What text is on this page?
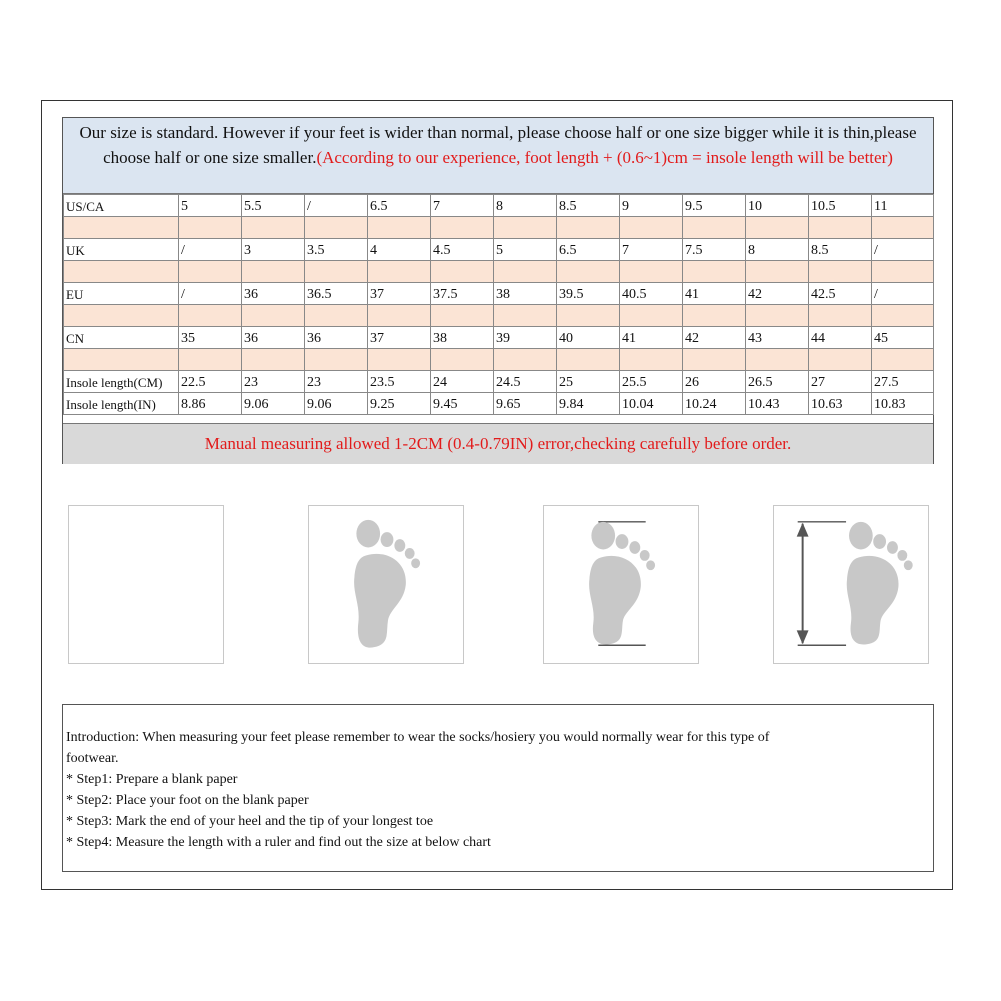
Our size is standard. However if your feet is wider than normal, please choose half or one size bigger while it is thin,please choose half or one size smaller.(According to our experience, foot length + (0.6~1)cm = insole length will be better)
US/CA	5	5.5	/	6.5	7	8	8.5	9	9.5	10	10.5	11

UK	/	3	3.5	4	4.5	5	6.5	7	7.5	8	8.5	/

EU	/	36	36.5	37	37.5	38	39.5	40.5	41	42	42.5	/

CN	35	36	36	37	38	39	40	41	42	43	44	45

Insole length(CM)	22.5	23	23	23.5	24	24.5	25	25.5	26	26.5	27	27.5
Insole length(IN)	8.86	9.06	9.06	9.25	9.45	9.65	9.84	10.04	10.24	10.43	10.63	10.83
Manual measuring allowed 1-2CM (0.4-0.79IN) error,checking carefully before order.

Introduction: When measuring your feet please remember to wear the socks/hosiery you would normally wear for this type of footwear.

* Step1: Prepare a blank paper

* Step2: Place your foot on the blank paper

* Step3: Mark the end of your heel and the tip of your longest toe

* Step4: Measure the length with a ruler and find out the size at below chart
